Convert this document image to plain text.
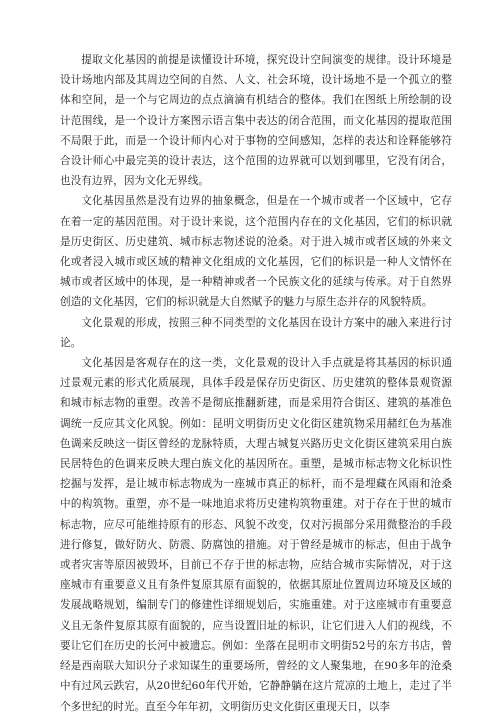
提取文化基因的前提是读懂设计环境，探究设计空间演变的规律。设计环境是设计场地内部及其周边空间的自然、人文、社会环境，设计场地不是一个孤立的整体和空间，是一个与它周边的点点滴滴有机结合的整体。我们在图纸上所绘制的设计范围线，是一个设计方案图示语言集中表达的闭合范围，而文化基因的提取范围不局限于此，而是一个设计师内心对于事物的空间感知，怎样的表达和诠释能够符合设计师心中最完美的设计表达，这个范围的边界就可以划到哪里，它没有闭合，也没有边界，因为文化无界线。

文化基因虽然是没有边界的抽象概念，但是在一个城市或者一个区域中，它存在着一定的基因范围。对于设计来说，这个范围内存在的文化基因，它们的标识就是历史街区、历史建筑、城市标志物述说的沧桑。对于进入城市或者区域的外来文化或者浸入城市或区域的精神文化组成的文化基因，它们的标识是一种人文情怀在城市或者区域中的体现，是一种精神或者一个民族文化的延续与传承。对于自然界创造的文化基因，它们的标识就是大自然赋予的魅力与原生态并存的风貌特质。

文化景观的形成，按照三种不同类型的文化基因在设计方案中的融入来进行讨论。

文化基因是客观存在的这一类，文化景观的设计入手点就是将其基因的标识通过景观元素的形式化质展现，具体手段是保存历史街区、历史建筑的整体景观资源和城市标志物的重塑。改善不是彻底推翻新建，而是采用符合街区、建筑的基准色调统一反应其文化风貌。例如：昆明文明街历史文化街区建筑物采用赭红色为基准色调来反映这一街区曾经的龙脉特质，大理古城复兴路历史文化街区建筑采用白族民居特色的色调来反映大理白族文化的基因所在。重塑，是城市标志物文化标识性挖掘与发挥，是让城市标志物成为一座城市真正的标杆，而不是埋藏在风雨和沧桑中的构筑物。重塑，亦不是一味地追求将历史建构筑物重建。对于存在于世的城市标志物，应尽可能维持原有的形态、风貌不改变，仅对污损部分采用微整治的手段进行修复，做好防火、防震、防腐蚀的措施。对于曾经是城市的标志，但由于战争或者灾害等原因被毁坏，目前已不存于世的标志物，应结合城市实际情况，对于这座城市有重要意义且有条件复原其原有面貌的，依据其原址位置周边环境及区域的发展战略规划，编制专门的修建性详细规划后，实施重建。对于这座城市有重要意义且无条件复原其原有面貌的，应当设置旧址的标识，让它们进入人们的视线，不要让它们在历史的长河中被遗忘。例如：坐落在昆明市文明街52号的东方书店，曾经是西南联大知识分子求知谋生的重要场所，曾经的文人聚集地，在90多年的沧桑中有过风云跌宕，从20世纪60年代开始，它静静躺在这片荒凉的土地上，走过了半个多世纪的时光。直至今年年初，文明街历史文化街区重现天日，以李
